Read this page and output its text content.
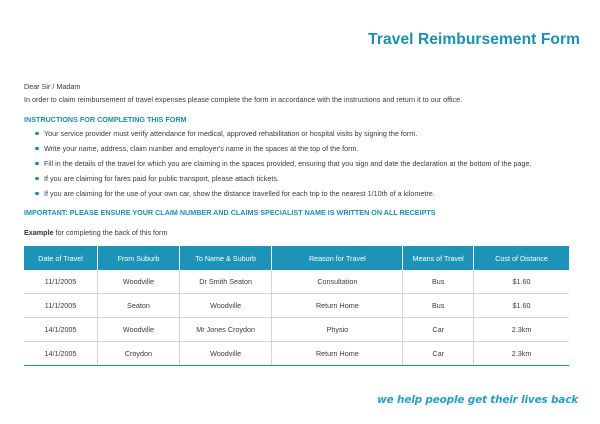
Travel Reimbursement Form
Dear Sir / Madam
In order to claim reimbursement of travel expenses please complete the form in accordance with the instructions and return it to our office.
INSTRUCTIONS FOR COMPLETING THIS FORM
Your service provider must verify attendance for medical, approved rehabilitation or hospital visits by signing the form.
Write your name, address, claim number and employer's name in the spaces at the top of the form.
Fill in the details of the travel for which you are claiming in the spaces provided, ensuring that you sign and date the declaration at the bottom of the page.
If you are claiming for fares paid for public transport, please attach tickets.
If you are claiming for the use of your own car, show the distance travelled for each trip to the nearest 1/10th of a kilometre.
IMPORTANT: PLEASE ENSURE YOUR CLAIM NUMBER AND CLAIMS SPECIALIST NAME IS WRITTEN ON ALL RECEIPTS
Example for completing the back of this form
Date of Travel	From Suburb	To Name & Suburb	Reason for Travel	Means of Travel	Cost of Distance
11/1/2005	Woodville	Dr Smith Seaton	Consultation	Bus	$1.60
11/1/2005	Seaton	Woodville	Return Home	Bus	$1.60
14/1/2005	Woodville	Mr Jones Croydon	Physio	Car	2.3km
14/1/2005	Croydon	Woodville	Return Home	Car	2.3km
we help people get their lives back
